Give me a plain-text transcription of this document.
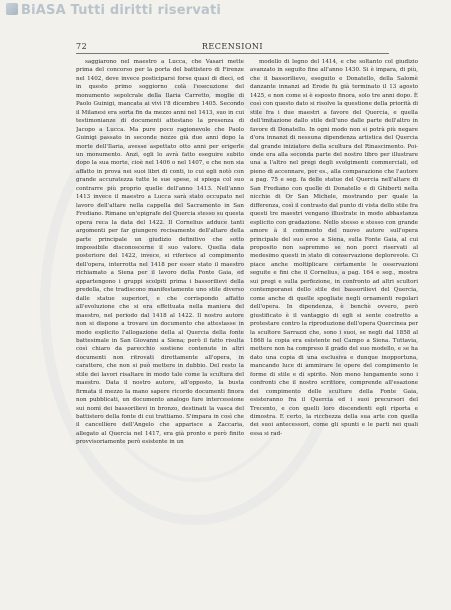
BiASA Tutti diritti riservati
72	RECENSIONI

saggiarono nel maestro a Lucca, che Vasari mette prima del concorso per la porta del battistero di Firenze nel 1402, deve invece posticiparsi forse quasi di dieci, ed in questo primo soggiorno colà l'esecuzione del monumento sepolcrale della Ilaria Carretto, moglie di Paolo Guinigi, mancata ai vivi l'8 dicembre 1405. Secondo il Milanesi era sorta fin da mezzo anni nel 1413, suo in cui testimonianze di documenti attestano la presenza di Jacopo a Lucca. Ma pure poco ragionevole che Paolo Guinigi passato in seconde nozze già due anni dopo la morte dell'Ilaria, avesse aspettato otto anni per erigerle un monumento. Anzi, egli lo avrà fatto eseguire subito dopo la sua morte, cioè nel 1406 o nel 1407, e che non sia affatto in prova nei suoi libri di conti, io cui egli notò con grande accuratezza tutte le sue spese, si spiega col suo contrarre più proprio quelle dell'anno 1413. Nell'anno 1413 invece il maestro a Lucca sarà stato occupato nel lavoro dell'altare nella cappella del Sacramento in San Frediano. Rimane un'epigrafe del Quercia stesso su questa opera reca la data del 1422. Il Cornelius adduce tanti argomenti per far giungere recisamente dell'altare della parte principale un giudizio definitivo che sotto impossibile disconoscerne il suo valore. Quella data posteriore del 1422, invece, si riferisce al compimento dell'opera, interrotta nel 1418 per esser stato il maestro richiamato a Siena per il lavoro della Fonte Gaia, ed appartengono i gruppi scolpiti prima i bassorilievi della predella, che tradiscono manifestamente uno stile diverso dalle statue superiori, e che corrispondo affatto all'evoluzione che si era effettuata nella maniera del maestro, nel periodo dal 1418 al 1422. Il nostro autore non si dispone a trovare un documento che attestasse in modo esplicito l'allogazione della al Quercia della fonte battesimale in San Giovanni a Siena; però il fatto risulta così chiaro da parecchio sostiene contenute in altri documenti non ritrovati direttamente all'opera, in carattere, che non si può mettere in dubbio. Del resto la stile dei lavori risaltare in modo tale come la scultura del maestro. Data il nostro autore, all'opposto, la busta firmata il mezzo la mano sapere ricordo documenti finora non pubblicati, un documento analogo fare intercessione sui nomi dei bassorilievi in bronzo, destinati la vasca del battistero della fonte di cui trattiamo. S'impara in così che il cancelliere dell'Angelo che apparisce a Zaccaria, allegato al Quercia nel 1417, era già pronto e però finito provvisoriamente però esistente in un

modello di legno del 1414, e che soltanto col giudizio avanzato in seguito fine all'anno 1430. Si è impara, di più, che il bassorilievo, eseguito e Donatello, della Salomè danzante innanzi ad Erode fu già terminato il 13 agosto 1425, e non come si è esposto finora, solo tre anni dopo. È così con questo dato si risolve la questione della priorità di stile fra i due maestri a favore del Quercia, e quella dell'imitazione dallo stile dell'uno dalle parte dell'altro in favore di Donatello. In ogni modo non si potrà più negare d'ora innanzi di nessuna dipendenza artistica del Quercia dal grande iniziatore della scultura del Rinascimento. Poi-onde era alla seconda parte del nostro libro per illustrare una a l'altro nel pregi degli svolgimenti commerciali, ed pieno di accennare, per es., alla comparazione che l'autore a pag. 75 e seg. fa delle statue del Quercia nell'altare di San Frediano con quelle di Donatello e di Ghiberti nella nicchie di Or San Michele, mostrando per quale la differenza, così il contrasto dal punto di vista dello stile fra questi tre maestri vengano illustrate in modo abbastanza esplicito con gradazione. Nello stesso e stesso con grande amore à il commento del nuovo autore sull'opera principale del suo eroe a Siena, sulla Fonte Gaia, al cui proposito non sapremmo se non porci riservati al medesimo questi in stato di conservazione deplorevole. Ci piace anche moltiplicare certamente le osservazioni seguite e fini che il Cornelius, a pag. 164 e seg., mostra sui pregi e sulla perfezione, in confronto ad altri scultori contemporanei dello stile dei bassorilievi del Quercia, come anche di quelle spogliate negli ornamenti regolari dell'opera. In dipendenza, è benchè ovvero, però giustificato è il vantaggio di egli si sente costretto a protestare contro la riproduzione dell'opera Quercinea per la scultore Sarrazzi che, sono i suoi, se negli dal 1858 al 1868 la copia era esistente nel Campo a Siena. Tuttavia, mettere non ha compreso il grado del suo modello, e se ha dato una copia di una esclusiva e dunque inopportuna, mancando luce di ammirare le opere del compimento le forme di stile e di spirito. Non meno lungamente sono i confronti che il nostro scrittore, comprende all'esazione dei compimento delle sculture della Fonte Gaia, esisteranno fra il Quercia ed i suoi precursori del Trecento, e con quelli loro discendenti egli riporta e dimostra. E certo, la ricchezza della sua arte con quella dei suoi antecessori, come gli spunti e le parti nei quali essa si rad-
